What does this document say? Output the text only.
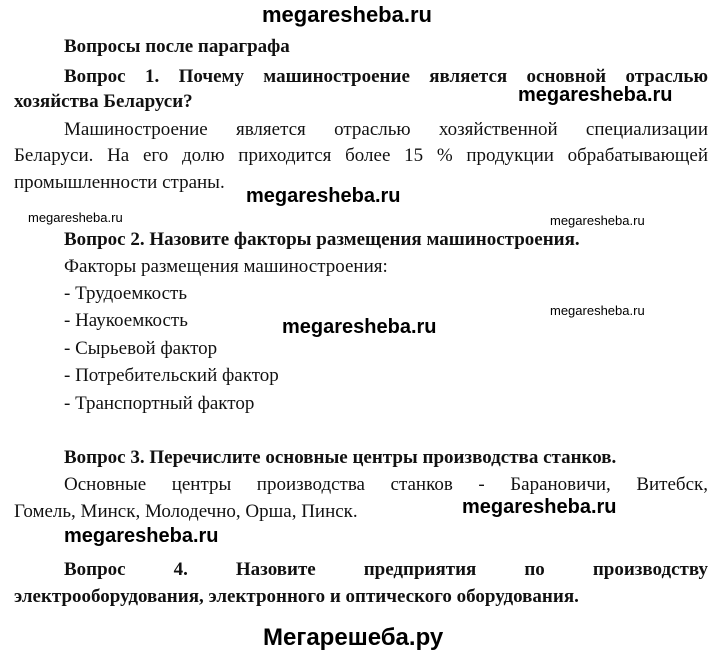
megaresheba.ru
megaresheba.ru
megaresheba.ru
megaresheba.ru	megaresheba.ru
megaresheba.ru
megaresheba.ru
megaresheba.ru
megaresheba.ru
Мегарешеба.ру
Вопросы после параграфа
Вопрос 1. Почему машиностроение является основной отраслью
хозяйства Беларуси?
Машиностроение является отраслью хозяйственной специализации
Беларуси. На его долю приходится более 15 % продукции обрабатывающей
промышленности страны.
Вопрос 2. Назовите факторы размещения машиностроения.
Факторы размещения машиностроения:
- Трудоемкость
- Наукоемкость
- Сырьевой фактор
- Потребительский фактор
- Транспортный фактор
Вопрос 3. Перечислите основные центры производства станков.
Основные центры производства станков - Барановичи, Витебск,
Гомель, Минск, Молодечно, Орша, Пинск.
Вопрос 4. Назовите предприятия по производству
электрооборудования, электронного и оптического оборудования.
